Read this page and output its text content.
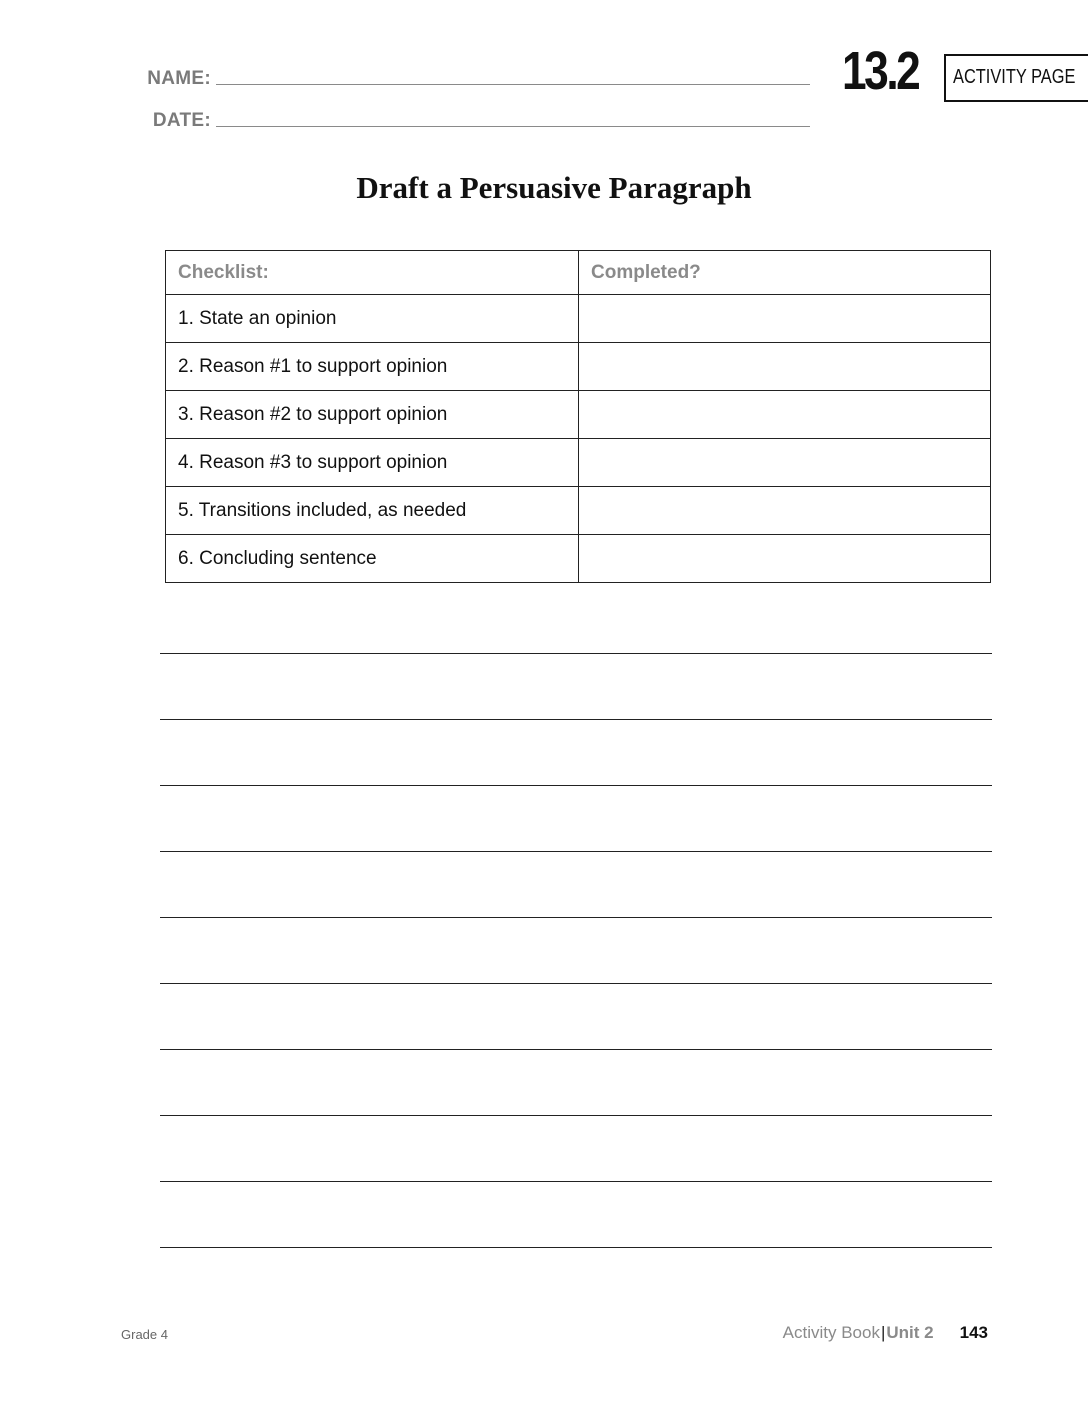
NAME:
DATE:
13.2 ACTIVITY PAGE
Draft a Persuasive Paragraph
Checklist:	Completed?
1. State an opinion
2. Reason #1 to support opinion
3. Reason #2 to support opinion
4. Reason #3 to support opinion
5. Transitions included, as needed
6. Concluding sentence
Grade 4	Activity Book|Unit 2 143
